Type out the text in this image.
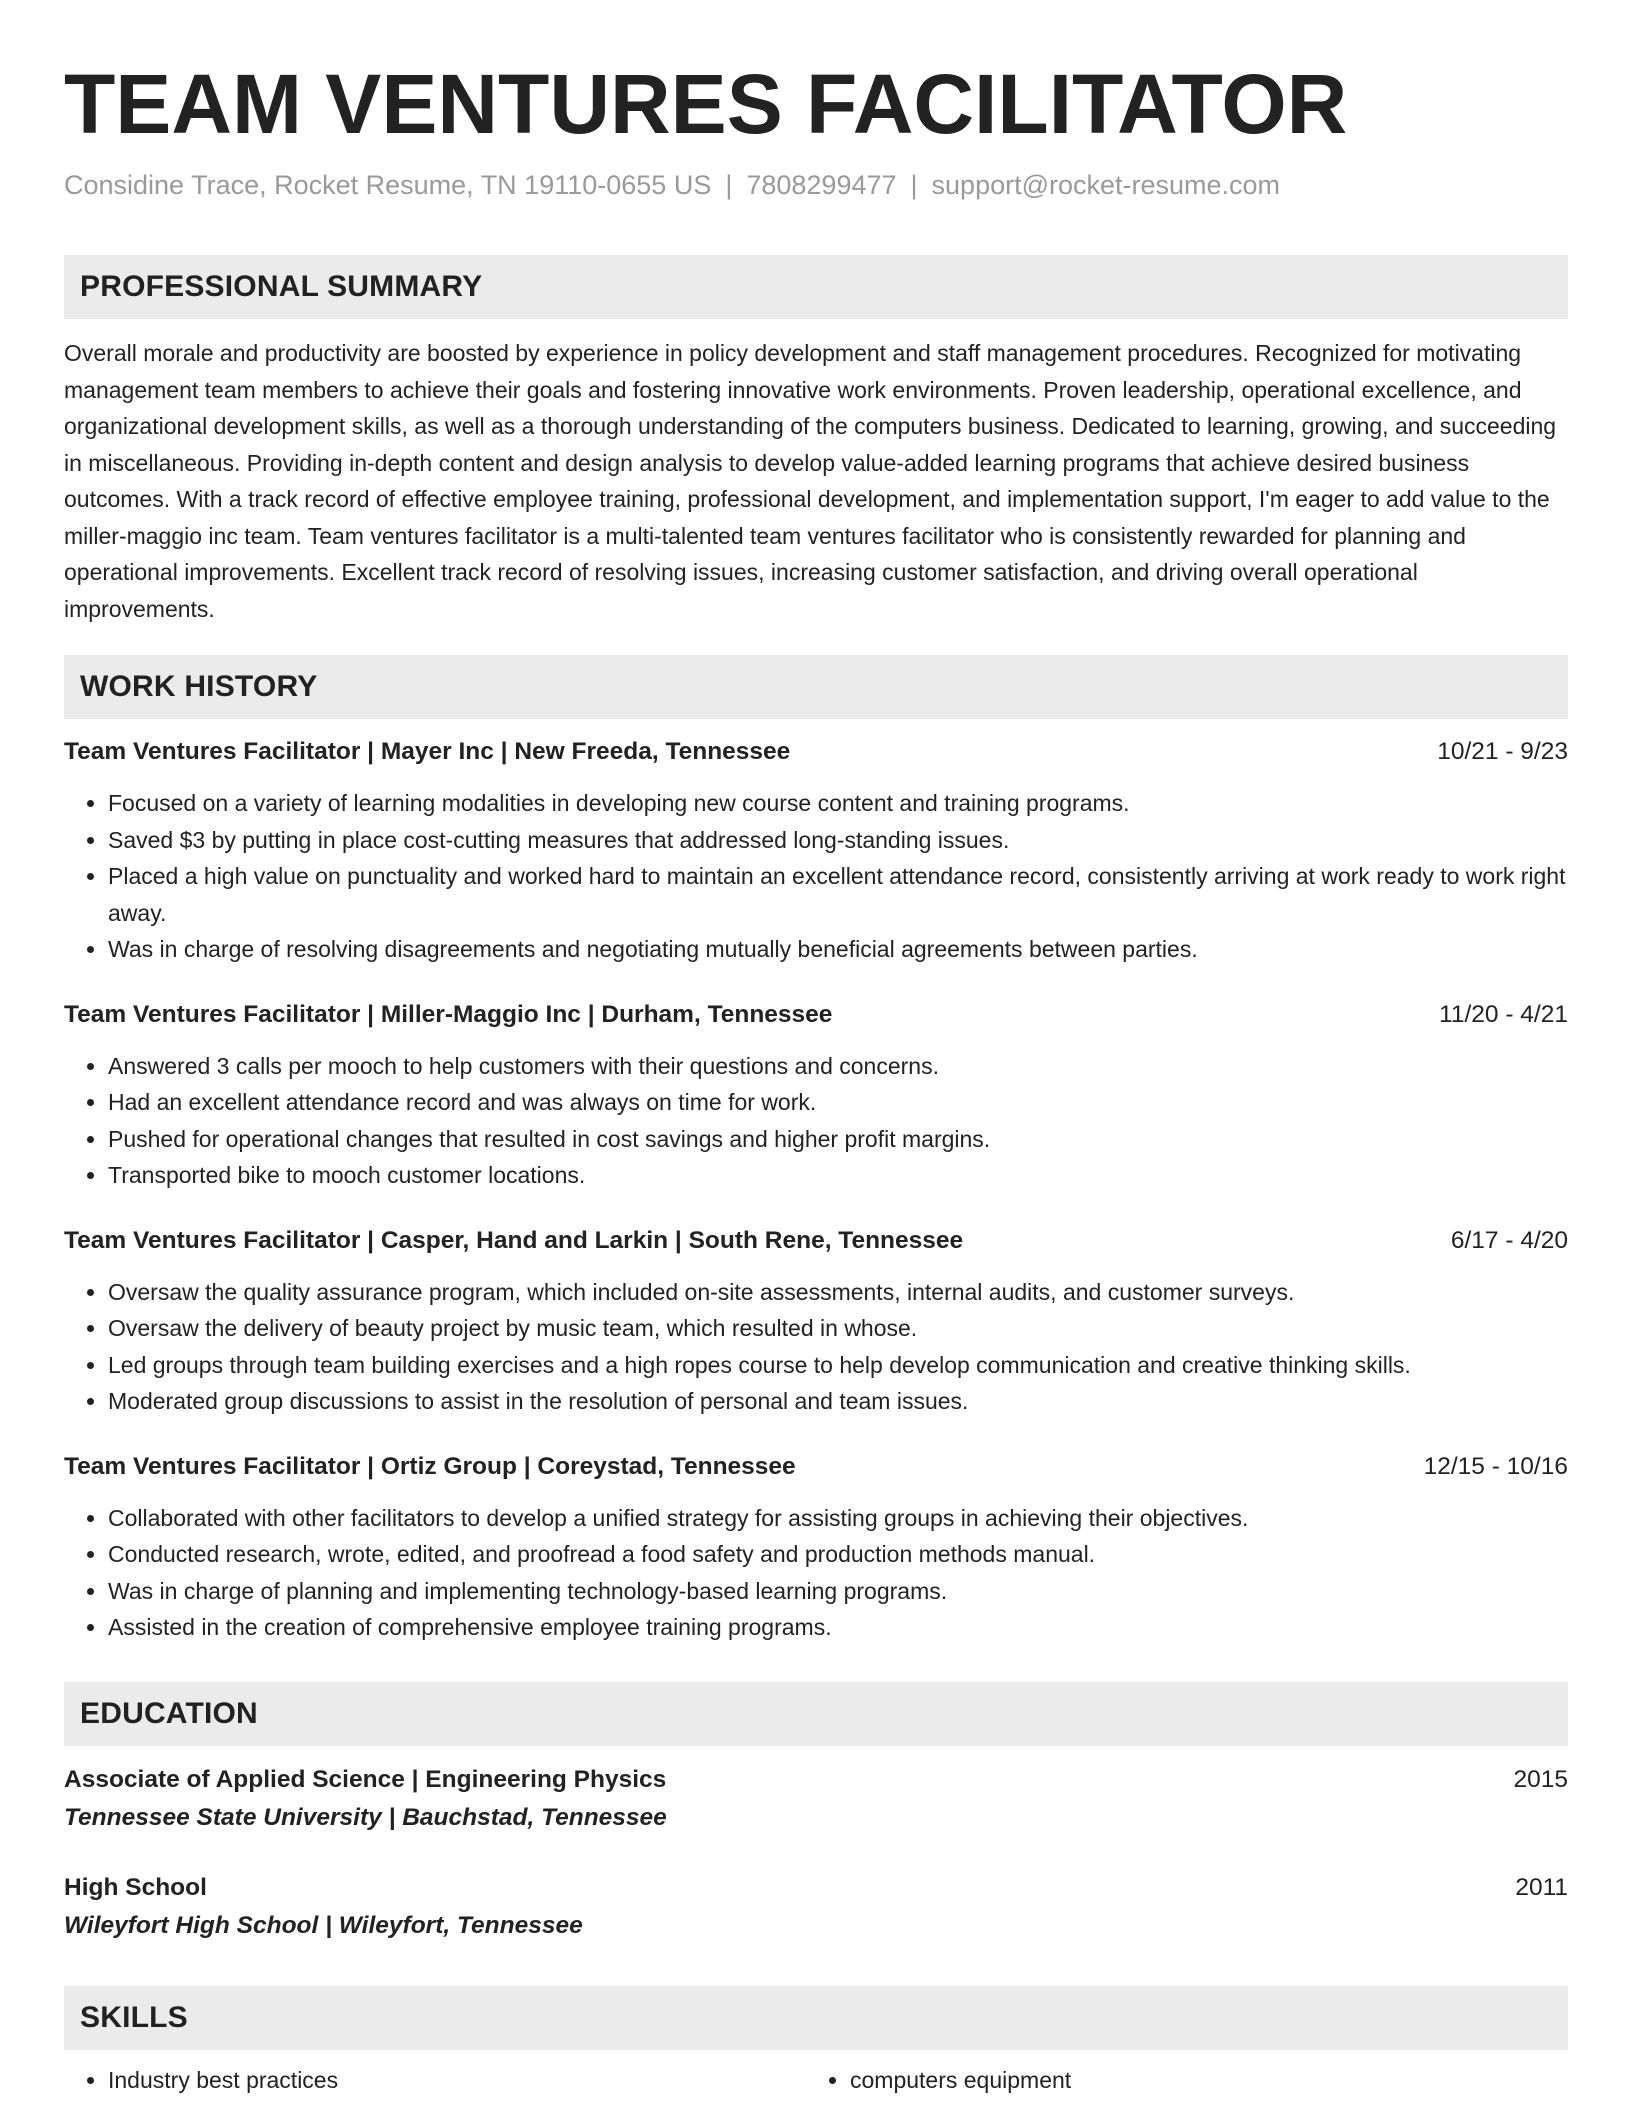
TEAM VENTURES FACILITATOR
Considine Trace, Rocket Resume, TN 19110-0655 US | 7808299477 | support@rocket-resume.com
PROFESSIONAL SUMMARY
Overall morale and productivity are boosted by experience in policy development and staff management procedures. Recognized for motivating management team members to achieve their goals and fostering innovative work environments. Proven leadership, operational excellence, and organizational development skills, as well as a thorough understanding of the computers business. Dedicated to learning, growing, and succeeding in miscellaneous. Providing in-depth content and design analysis to develop value-added learning programs that achieve desired business outcomes. With a track record of effective employee training, professional development, and implementation support, I'm eager to add value to the miller-maggio inc team. Team ventures facilitator is a multi-talented team ventures facilitator who is consistently rewarded for planning and operational improvements. Excellent track record of resolving issues, increasing customer satisfaction, and driving overall operational improvements.
WORK HISTORY
Team Ventures Facilitator | Mayer Inc | New Freeda, Tennessee	10/21 - 9/23
• Focused on a variety of learning modalities in developing new course content and training programs.
• Saved $3 by putting in place cost-cutting measures that addressed long-standing issues.
• Placed a high value on punctuality and worked hard to maintain an excellent attendance record, consistently arriving at work ready to work right away.
• Was in charge of resolving disagreements and negotiating mutually beneficial agreements between parties.
Team Ventures Facilitator | Miller-Maggio Inc | Durham, Tennessee	11/20 - 4/21
• Answered 3 calls per mooch to help customers with their questions and concerns.
• Had an excellent attendance record and was always on time for work.
• Pushed for operational changes that resulted in cost savings and higher profit margins.
• Transported bike to mooch customer locations.
Team Ventures Facilitator | Casper, Hand and Larkin | South Rene, Tennessee	6/17 - 4/20
• Oversaw the quality assurance program, which included on-site assessments, internal audits, and customer surveys.
• Oversaw the delivery of beauty project by music team, which resulted in whose.
• Led groups through team building exercises and a high ropes course to help develop communication and creative thinking skills.
• Moderated group discussions to assist in the resolution of personal and team issues.
Team Ventures Facilitator | Ortiz Group | Coreystad, Tennessee	12/15 - 10/16
• Collaborated with other facilitators to develop a unified strategy for assisting groups in achieving their objectives.
• Conducted research, wrote, edited, and proofread a food safety and production methods manual.
• Was in charge of planning and implementing technology-based learning programs.
• Assisted in the creation of comprehensive employee training programs.
EDUCATION
Associate of Applied Science | Engineering Physics	2015
Tennessee State University | Bauchstad, Tennessee
High School	2011
Wileyfort High School | Wileyfort, Tennessee
SKILLS
• Industry best practices
•	computers equipment
